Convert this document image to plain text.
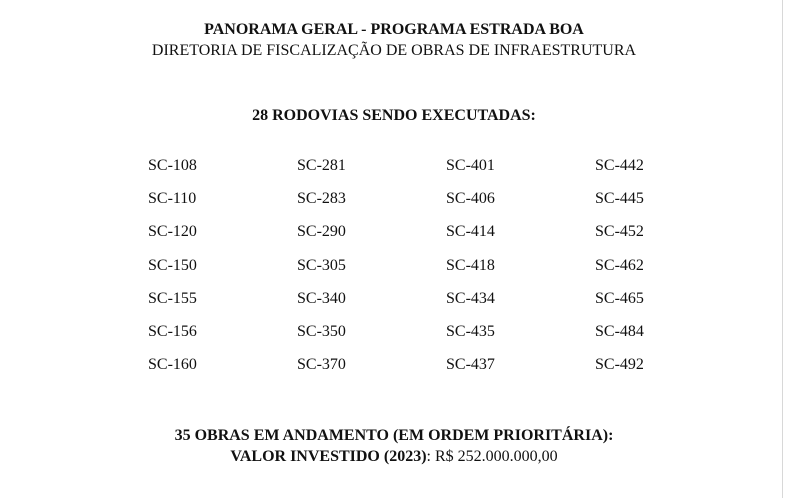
PANORAMA GERAL - PROGRAMA ESTRADA BOA

DIRETORIA DE FISCALIZAÇÃO DE OBRAS DE INFRAESTRUTURA

28 RODOVIAS SENDO EXECUTADAS:

SC-108	SC-281	SC-401	SC-442
SC-110	SC-283	SC-406	SC-445
SC-120	SC-290	SC-414	SC-452
SC-150	SC-305	SC-418	SC-462
SC-155	SC-340	SC-434	SC-465
SC-156	SC-350	SC-435	SC-484
SC-160	SC-370	SC-437	SC-492

35 OBRAS EM ANDAMENTO (EM ORDEM PRIORITÁRIA):

VALOR INVESTIDO (2023): R$ 252.000.000,00
